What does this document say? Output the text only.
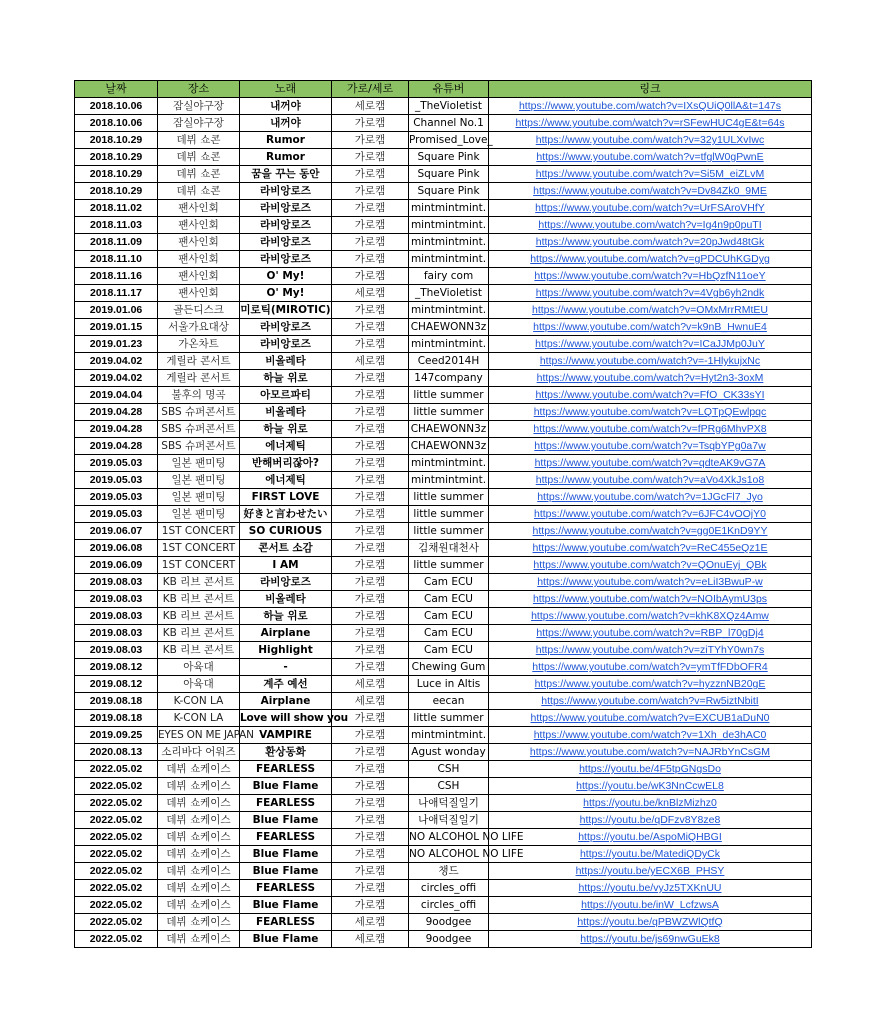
날짜	장소	노래	가로/세로	유튜버	링크
2018.10.06	잠실야구장	내꺼야	세로캠	_TheVioletist	https://www.youtube.com/watch?v=IXsQUiQ0llA&t=147s
2018.10.06	잠실야구장	내꺼야	가로캠	Channel No.1	https://www.youtube.com/watch?v=rSFewHUC4gE&t=64s
2018.10.29	데뷔 쇼콘	Rumor	가로캠	Promised_Love_	https://www.youtube.com/watch?v=32y1ULXvIwc
2018.10.29	데뷔 쇼콘	Rumor	가로캠	Square Pink	https://www.youtube.com/watch?v=tfglW0gPwnE
2018.10.29	데뷔 쇼콘	꿈을 꾸는 동안	가로캠	Square Pink	https://www.youtube.com/watch?v=Si5M_eiZLvM
2018.10.29	데뷔 쇼콘	라비앙로즈	가로캠	Square Pink	https://www.youtube.com/watch?v=Dv84Zk0_9ME
2018.11.02	팬사인회	라비앙로즈	가로캠	mintmintmint.	https://www.youtube.com/watch?v=UrFSAroVHfY
2018.11.03	팬사인회	라비앙로즈	가로캠	mintmintmint.	https://www.youtube.com/watch?v=Ig4n9p0puTI
2018.11.09	팬사인회	라비앙로즈	가로캠	mintmintmint.	https://www.youtube.com/watch?v=20pJwd48tGk
2018.11.10	팬사인회	라비앙로즈	가로캠	mintmintmint.	https://www.youtube.com/watch?v=gPDCUhKGDyg
2018.11.16	팬사인회	O' My!	가로캠	fairy com	https://www.youtube.com/watch?v=HbQzfN11oeY
2018.11.17	팬사인회	O' My!	세로캠	_TheVioletist	https://www.youtube.com/watch?v=4Vgb6yh2ndk
2019.01.06	골든디스크	미로틱(MIROTIC)	가로캠	mintmintmint.	https://www.youtube.com/watch?v=OMxMrrRMtEU
2019.01.15	서울가요대상	라비앙로즈	가로캠	CHAEWONN3z	https://www.youtube.com/watch?v=k9nB_HwnuE4
2019.01.23	가온차트	라비앙로즈	가로캠	mintmintmint.	https://www.youtube.com/watch?v=ICaJJMp0JuY
2019.04.02	게릴라 콘서트	비올레타	세로캠	Ceed2014H	https://www.youtube.com/watch?v=-1HlykujxNc
2019.04.02	게릴라 콘서트	하늘 위로	가로캠	147company	https://www.youtube.com/watch?v=Hyt2n3-3oxM
2019.04.04	불후의 명곡	아모르파티	가로캠	little summer	https://www.youtube.com/watch?v=FfO_CK33sYI
2019.04.28	SBS 슈퍼콘서트	비올레타	가로캠	little summer	https://www.youtube.com/watch?v=LQTpQEwlpqc
2019.04.28	SBS 슈퍼콘서트	하늘 위로	가로캠	CHAEWONN3z	https://www.youtube.com/watch?v=fPRg6MhvPX8
2019.04.28	SBS 슈퍼콘서트	에너제틱	가로캠	CHAEWONN3z	https://www.youtube.com/watch?v=TsqbYPg0a7w
2019.05.03	일본 팬미팅	반해버리잖아?	가로캠	mintmintmint.	https://www.youtube.com/watch?v=qdteAK9vG7A
2019.05.03	일본 팬미팅	에너제틱	가로캠	mintmintmint.	https://www.youtube.com/watch?v=aVo4XkJs1o8
2019.05.03	일본 팬미팅	FIRST LOVE	가로캠	little summer	https://www.youtube.com/watch?v=1JGcFl7_Jyo
2019.05.03	일본 팬미팅	好きと言わせたい	가로캠	little summer	https://www.youtube.com/watch?v=6JFC4vOOjY0
2019.06.07	1ST CONCERT	SO CURIOUS	가로캠	little summer	https://www.youtube.com/watch?v=gg0E1KnD9YY
2019.06.08	1ST CONCERT	콘서트 소감	가로캠	김채원대천사	https://www.youtube.com/watch?v=ReC455eQz1E
2019.06.09	1ST CONCERT	I AM	가로캠	little summer	https://www.youtube.com/watch?v=QOnuEyj_QBk
2019.08.03	KB 리브 콘서트	라비앙로즈	가로캠	Cam ECU	https://www.youtube.com/watch?v=eLiI3BwuP-w
2019.08.03	KB 리브 콘서트	비올레타	가로캠	Cam ECU	https://www.youtube.com/watch?v=NOIbAymU3ps
2019.08.03	KB 리브 콘서트	하늘 위로	가로캠	Cam ECU	https://www.youtube.com/watch?v=khK8XQz4Amw
2019.08.03	KB 리브 콘서트	Airplane	가로캠	Cam ECU	https://www.youtube.com/watch?v=RBP_l70gDj4
2019.08.03	KB 리브 콘서트	Highlight	가로캠	Cam ECU	https://www.youtube.com/watch?v=ziTYhY0wn7s
2019.08.12	아육대	-	가로캠	Chewing Gum	https://www.youtube.com/watch?v=ymTfFDbOFR4
2019.08.12	아육대	계주 예선	세로캠	Luce in Altis	https://www.youtube.com/watch?v=hyzznNB20gE
2019.08.18	K-CON LA	Airplane	세로캠	eecan	https://www.youtube.com/watch?v=Rw5iztNbitI
2019.08.18	K-CON LA	Love will show you	가로캠	little summer	https://www.youtube.com/watch?v=EXCUB1aDuN0
2019.09.25	EYES ON ME JAPAN	VAMPIRE	가로캠	mintmintmint.	https://www.youtube.com/watch?v=1Xh_de3hAC0
2020.08.13	소리바다 어워즈	환상동화	가로캠	Agust wonday	https://www.youtube.com/watch?v=NAJRbYnCsGM
2022.05.02	데뷔 쇼케이스	FEARLESS	가로캠	CSH	https://youtu.be/4F5tpGNgsDo
2022.05.02	데뷔 쇼케이스	Blue Flame	가로캠	CSH	https://youtu.be/wK3NnCcwEL8
2022.05.02	데뷔 쇼케이스	FEARLESS	가로캠	나애덕질일기	https://youtu.be/knBlzMizhz0
2022.05.02	데뷔 쇼케이스	Blue Flame	가로캠	나애덕질일기	https://youtu.be/qDFzv8Y8ze8
2022.05.02	데뷔 쇼케이스	FEARLESS	가로캠	NO ALCOHOL NO LIFE	https://youtu.be/AspoMiQHBGI
2022.05.02	데뷔 쇼케이스	Blue Flame	가로캠	NO ALCOHOL NO LIFE	https://youtu.be/MatediQDyCk
2022.05.02	데뷔 쇼케이스	Blue Flame	가로캠	챙드	https://youtu.be/yECX6B_PHSY
2022.05.02	데뷔 쇼케이스	FEARLESS	가로캠	circles_offi	https://youtu.be/vyJz5TXKnUU
2022.05.02	데뷔 쇼케이스	Blue Flame	가로캠	circles_offi	https://youtu.be/inW_LcfzwsA
2022.05.02	데뷔 쇼케이스	FEARLESS	세로캠	9oodgee	https://youtu.be/qPBWZWlQtfQ
2022.05.02	데뷔 쇼케이스	Blue Flame	세로캠	9oodgee	https://youtu.be/js69nwGuEk8
